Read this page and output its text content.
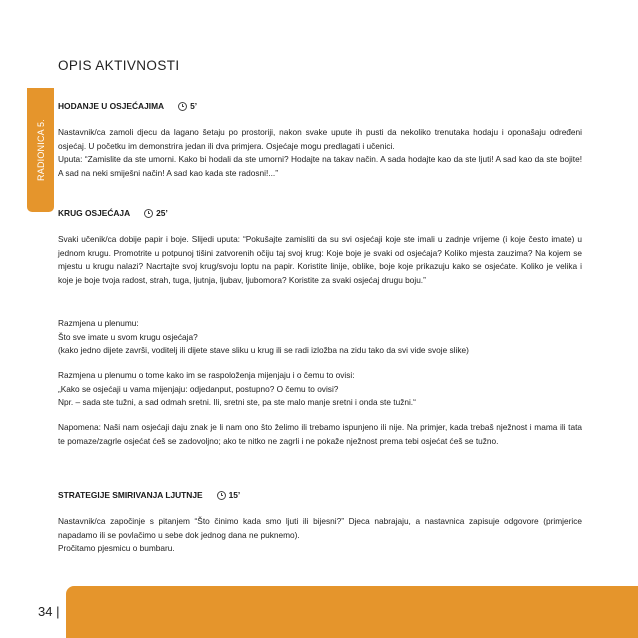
RADIONICA 5.
OPIS AKTIVNOSTI
HODANJE U OSJEĆAJIMA	5’
Nastavnik/ca zamoli djecu da lagano šetaju po prostoriji, nakon svake upute ih pusti da nekoliko trenutaka hodaju i oponašaju određeni osjećaj. U početku im demonstrira jedan ili dva primjera. Osjećaje mogu predlagati i učenici.
Uputa: “Zamislite da ste umorni. Kako bi hodali da ste umorni? Hodajte na takav način. A sada hodajte kao da ste ljuti! A sad kao da ste bojite! A sad na neki smiješni način! A sad kao kada ste radosni!...”
KRUG OSJEĆAJA	25’
Svaki učenik/ca dobije papir i boje. Slijedi uputa: “Pokušajte zamisliti da su svi osjećaji koje ste imali u zadnje vrijeme (i koje često imate) u jednom krugu. Promotrite u potpunoj tišini zatvorenih očiju taj svoj krug: Koje boje je svaki od osjećaja? Koliko mjesta zauzima? Na kojem se mjestu u krugu nalazi? Nacrtajte svoj krug/svoju loptu na papir. Koristite linije, oblike, boje koje prikazuju kako se osjećate. Koliko je velika i koje je boje tvoja radost, strah, tuga, ljutnja, ljubav, ljubomora? Koristite za svaki osjećaj drugu boju.”
Razmjena u plenumu:
Što sve imate u svom krugu osjećaja?
(kako jedno dijete završi, voditelj ili dijete stave sliku u krug ili se radi izložba na zidu tako da svi vide svoje slike)
Razmjena u plenumu o tome kako im se raspoloženja mijenjaju i o čemu to ovisi:
„Kako se osjećaji u vama mijenjaju: odjedanput, postupno? O čemu to ovisi?
Npr. – sada ste tužni, a sad odmah sretni. Ili, sretni ste, pa ste malo manje sretni i onda ste tužni.“
Napomena: Naši nam osjećaji daju znak je li nam ono što želimo ili trebamo ispunjeno ili nije. Na primjer, kada trebaš nježnost i mama ili tata te pomaze/zagrle osjećat ćeš se zadovoljno; ako te nitko ne zagrli i ne pokaže nježnost prema tebi osjećat ćeš se tužno.
STRATEGIJE SMIRIVANJA LJUTNJE	15’
Nastavnik/ca započinje s pitanjem “Što činimo kada smo ljuti ili bijesni?” Djeca nabrajaju, a nastavnica zapisuje odgovore (primjerice napadamo ili se povlačimo u sebe dok jednog dana ne puknemo).
Pročitamo pjesmicu o bumbaru.
34 |
